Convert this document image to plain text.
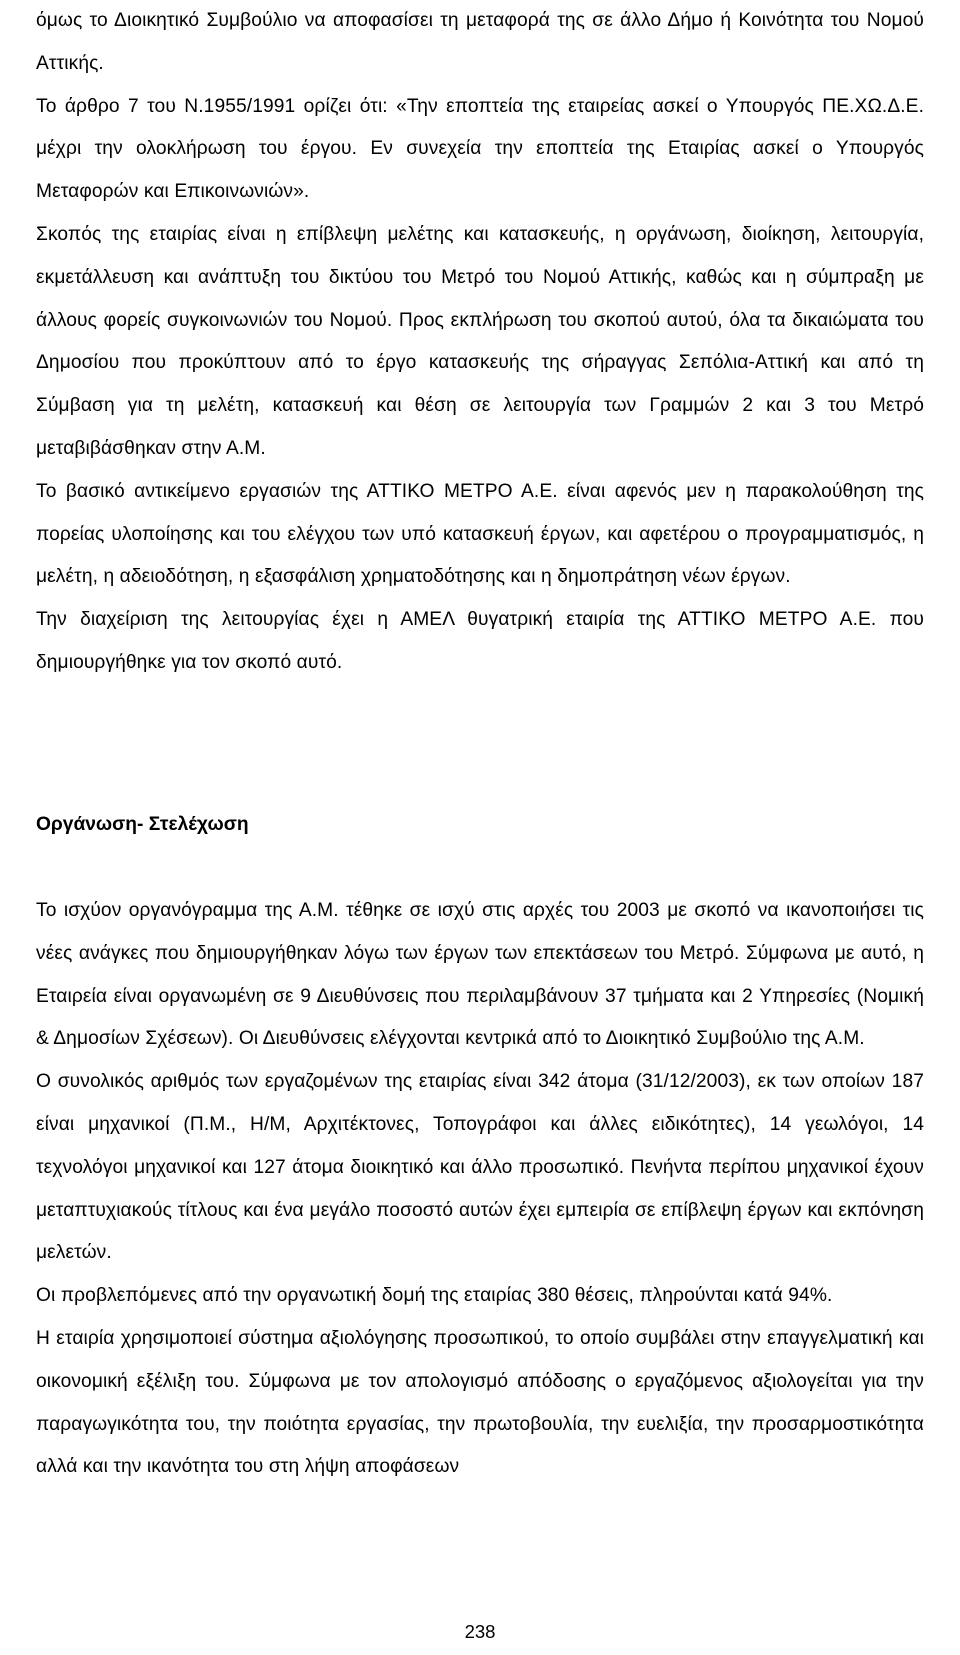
όμως το Διοικητικό Συμβούλιο να αποφασίσει τη μεταφορά της σε άλλο Δήμο ή Κοινότητα του Νομού Αττικής.

Το άρθρο 7 του Ν.1955/1991 ορίζει ότι: «Την εποπτεία της εταιρείας ασκεί ο Υπουργός ΠΕ.ΧΩ.Δ.Ε. μέχρι την ολοκλήρωση του έργου. Εν συνεχεία την εποπτεία της Εταιρίας ασκεί ο Υπουργός Μεταφορών και Επικοινωνιών».

Σκοπός της εταιρίας είναι η επίβλεψη μελέτης και κατασκευής, η οργάνωση, διοίκηση, λειτουργία, εκμετάλλευση και ανάπτυξη του δικτύου του Μετρό του Νομού Αττικής, καθώς και η σύμπραξη με άλλους φορείς συγκοινωνιών του Νομού. Προς εκπλήρωση του σκοπού αυτού, όλα τα δικαιώματα του Δημοσίου που προκύπτουν από το έργο κατασκευής της σήραγγας Σεπόλια-Αττική και από τη Σύμβαση για τη μελέτη, κατασκευή και θέση σε λειτουργία των Γραμμών 2 και 3 του Μετρό μεταβιβάσθηκαν στην Α.Μ.

Το βασικό αντικείμενο εργασιών της ΑΤΤΙΚΟ ΜΕΤΡΟ Α.Ε. είναι αφενός μεν η παρακολούθηση της πορείας υλοποίησης και του ελέγχου των υπό κατασκευή έργων, και αφετέρου ο προγραμματισμός, η μελέτη, η αδειοδότηση, η εξασφάλιση χρηματοδότησης και η δημοπράτηση νέων έργων.

Την διαχείριση της λειτουργίας έχει η ΑΜΕΛ θυγατρική εταιρία της ΑΤΤΙΚΟ ΜΕΤΡΟ Α.Ε. που δημιουργήθηκε για τον σκοπό αυτό.

Οργάνωση- Στελέχωση

Το ισχύον οργανόγραμμα της Α.Μ. τέθηκε σε ισχύ στις αρχές του 2003 με σκοπό να ικανοποιήσει τις νέες ανάγκες που δημιουργήθηκαν λόγω των έργων των επεκτάσεων του Μετρό. Σύμφωνα με αυτό, η Εταιρεία είναι οργανωμένη σε 9 Διευθύνσεις που περιλαμβάνουν 37 τμήματα και 2 Υπηρεσίες (Νομική & Δημοσίων Σχέσεων). Οι Διευθύνσεις ελέγχονται κεντρικά από το Διοικητικό Συμβούλιο της Α.Μ.

Ο συνολικός αριθμός των εργαζομένων της εταιρίας είναι 342 άτομα (31/12/2003), εκ των οποίων 187 είναι μηχανικοί (Π.Μ., Η/Μ, Αρχιτέκτονες, Τοπογράφοι και άλλες ειδικότητες), 14 γεωλόγοι, 14 τεχνολόγοι μηχανικοί και 127 άτομα διοικητικό και άλλο προσωπικό. Πενήντα περίπου μηχανικοί έχουν μεταπτυχιακούς τίτλους και ένα μεγάλο ποσοστό αυτών έχει εμπειρία σε επίβλεψη έργων και εκπόνηση μελετών.

Οι προβλεπόμενες από την οργανωτική δομή της εταιρίας 380 θέσεις, πληρούνται κατά 94%.

Η εταιρία χρησιμοποιεί σύστημα αξιολόγησης προσωπικού, το οποίο συμβάλει στην επαγγελματική και οικονομική εξέλιξη του. Σύμφωνα με τον απολογισμό απόδοσης ο εργαζόμενος αξιολογείται για την παραγωγικότητα του, την ποιότητα εργασίας, την πρωτοβουλία, την ευελιξία, την προσαρμοστικότητα αλλά και την ικανότητα του στη λήψη αποφάσεων

238
